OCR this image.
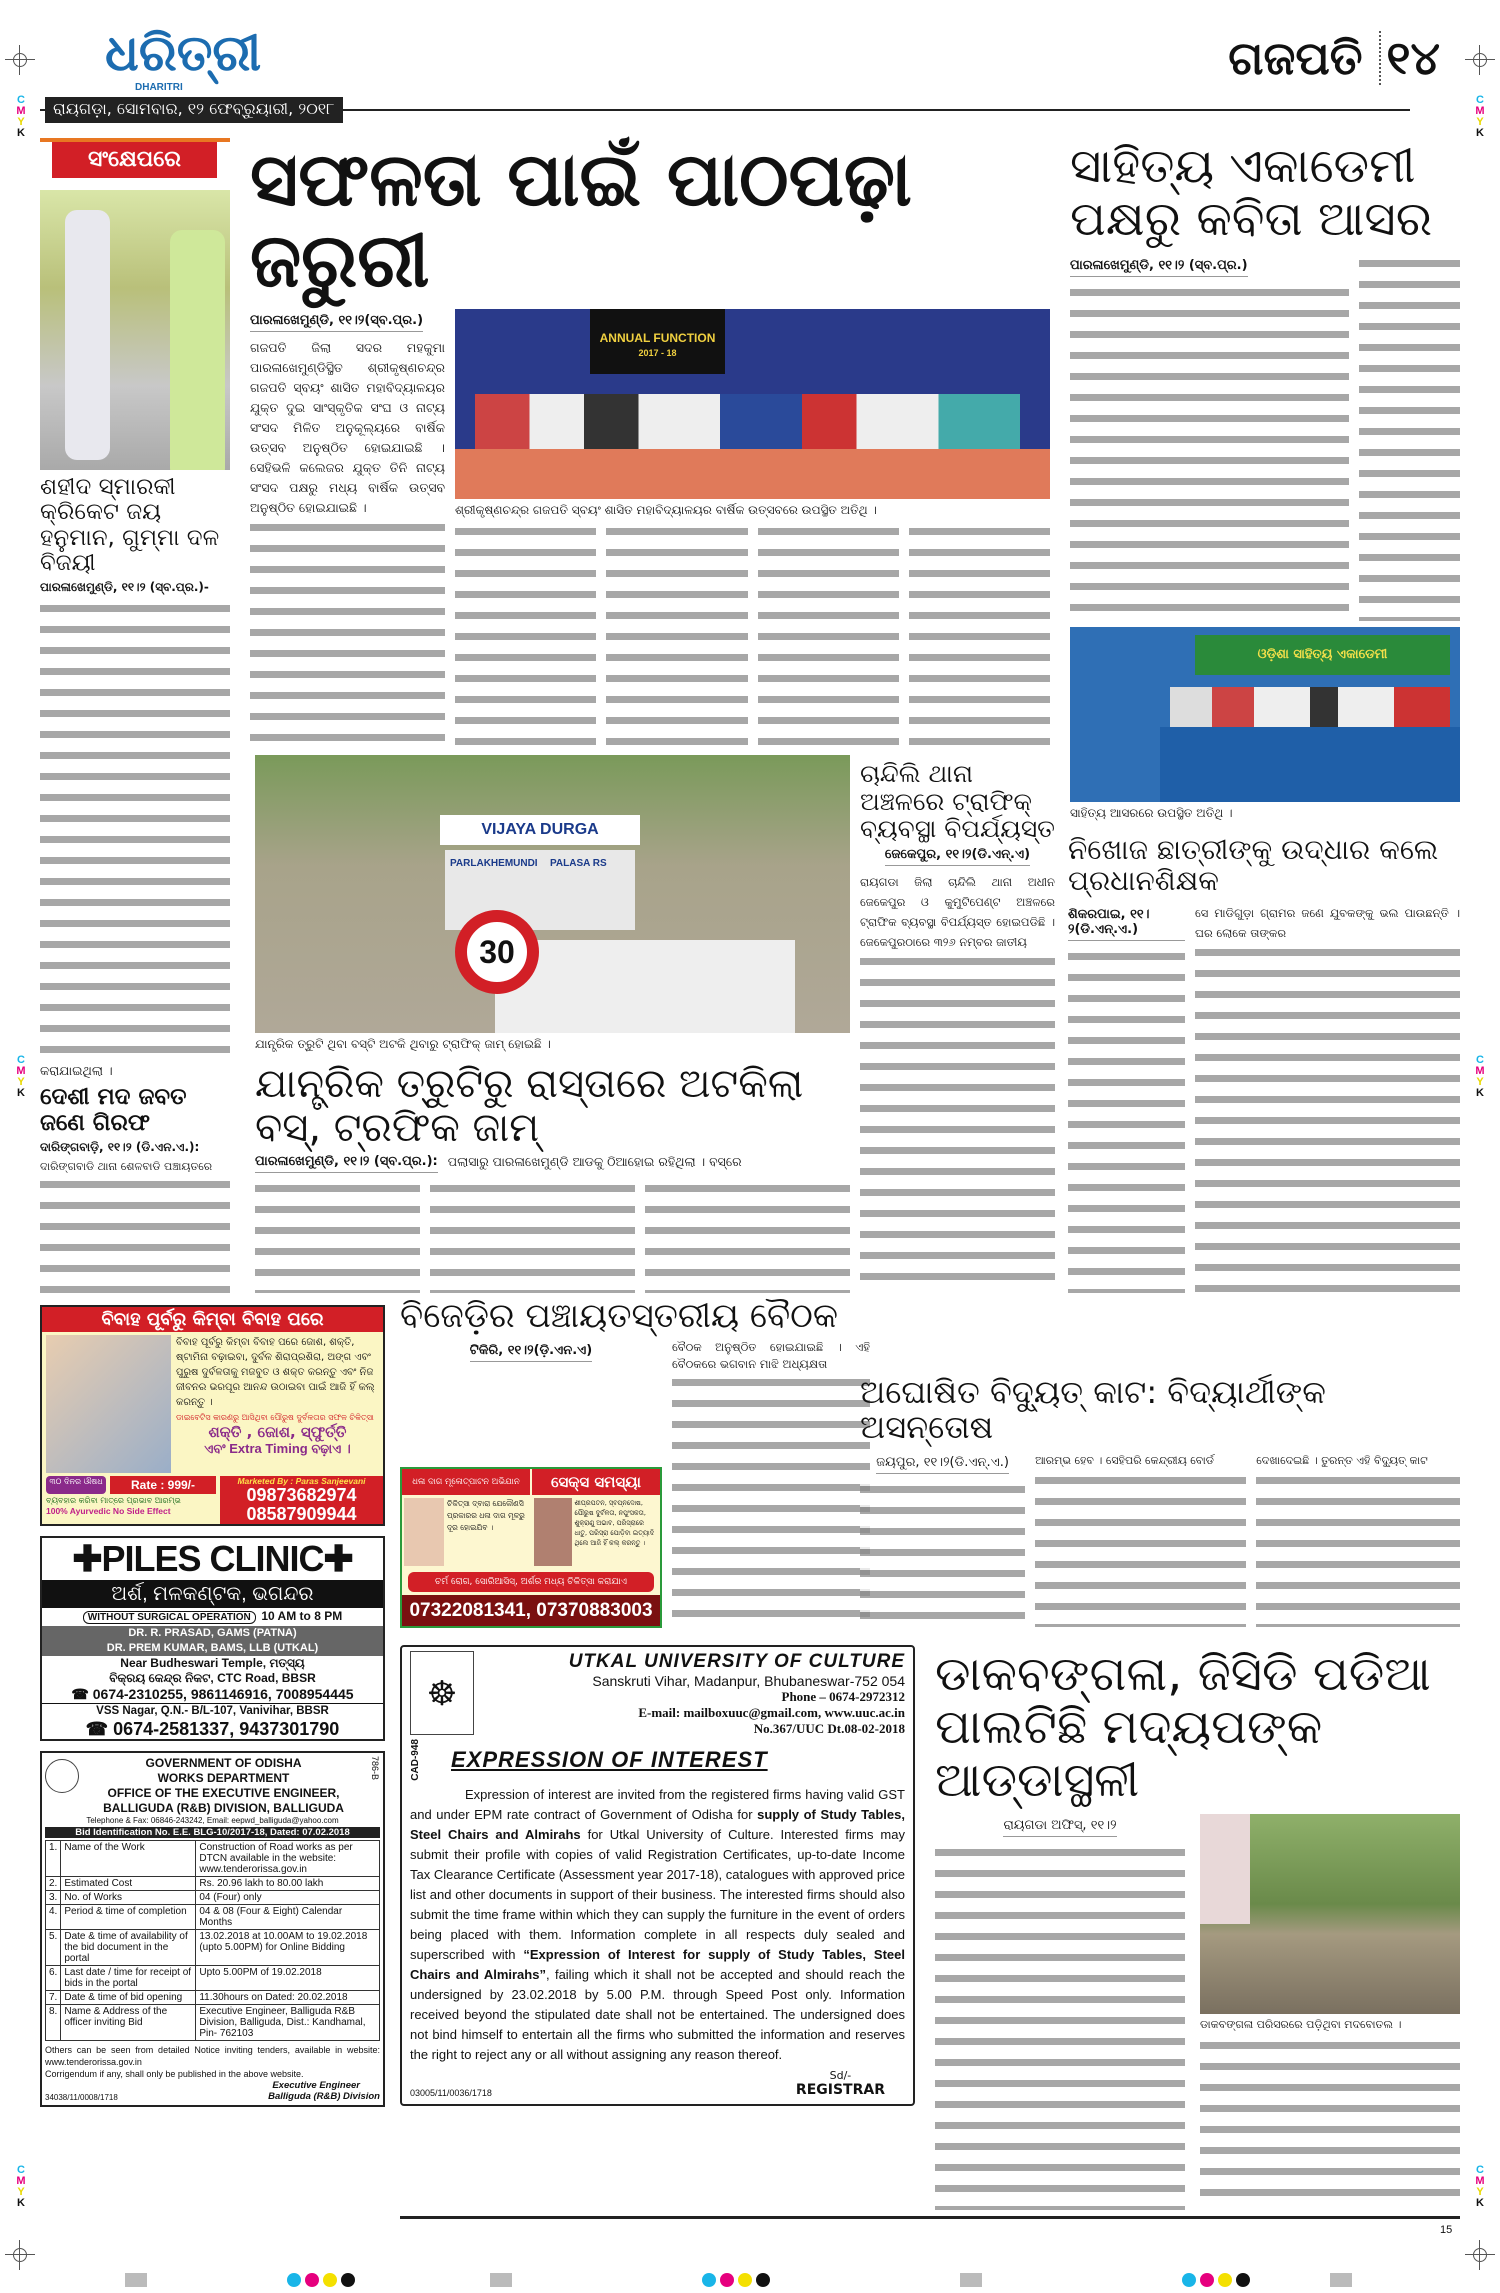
C
M
Y
K
C
M
Y
K
C
M
Y
K
C
M
Y
K
C
M
Y
K
C
M
Y
K
ଧରିତ୍ରୀ
DHARITRI
ରାୟଗଡ଼ା, ସୋମବାର, ୧୨ ଫେବ୍ରୁୟାରୀ, ୨୦୧୮
ଗଜପତି ୧୪
ସଂକ୍ଷେପରେ
ଶହୀଦ ସ୍ମାରକୀ କ୍ରିକେଟ ଜୟ ହନୁମାନ, ଗୁମ୍ମା ଦଳ ବିଜୟୀ
ପାରଳାଖେମୁଣ୍ଡି, ୧୧।୨ (ସ୍ବ.ପ୍ର.)-
କରାଯାଇଥିଲା ।
ଦେଶୀ ମଦ ଜବତ ଜଣେ ଗିରଫ
ଦାରିଙ୍ଗବାଡ଼ି, ୧୧।୨ (ଡି.ଏନ.ଏ.):
ଦାରିଙ୍ଗବାଡି ଥାନା ଶେଳବାଡି ପଞ୍ଚାୟତରେ
ସଫଳତା ପାଇଁ ପାଠପଢ଼ା ଜରୁରୀ
ପାରଳାଖେମୁଣ୍ଡି, ୧୧।୨(ସ୍ବ.ପ୍ର.)
ଗଜପତି ଜିଲା ସଦର ମହକୁମା ପାରଳାଖେମୁଣ୍ଡିସ୍ଥିତ ଶ୍ରୀକୃଷ୍ଣଚନ୍ଦ୍ର ଗଜପତି ସ୍ବୟଂ ଶାସିତ ମହାବିଦ୍ୟାଳୟର ଯୁକ୍ତ ଦୁଇ ସାଂସ୍କୃତିକ ସଂଘ ଓ ନାଟ୍ୟ ସଂସଦ ମିଳିତ ଅନୁକୂଲ୍ୟରେ ବାର୍ଷିକ ଉତ୍ସବ ଅନୁଷ୍ଠିତ ହୋଇଯାଇଛି । ସେହିଭଳି କଲେଜର ଯୁକ୍ତ ତିନି ନାଟ୍ୟ ସଂସଦ ପକ୍ଷରୁ ମଧ୍ୟ ବାର୍ଷିକ ଉତ୍ସବ ଅନୁଷ୍ଠିତ ହୋଇଯାଇଛି ।
ANNUAL FUNCTION
2017 - 18
ଶ୍ରୀକୃଷ୍ଣଚନ୍ଦ୍ର ଗଜପତି ସ୍ବୟଂ ଶାସିତ ମହାବିଦ୍ୟାଳୟର ବାର୍ଷିକ ଉତ୍ସବରେ ଉପସ୍ଥିତ ଅତିଥି ।
ସାହିତ୍ୟ ଏକାଡେମୀ ପକ୍ଷରୁ କବିତା ଆସର
ପାରଳାଖେମୁଣ୍ଡି, ୧୧।୨ (ସ୍ବ.ପ୍ର.)
ଓଡ଼ିଶା ସାହିତ୍ୟ ଏକାଡେମୀ
ସାହିତ୍ୟ ଆସରରେ ଉପସ୍ଥିତ ଅତିଥି ।
VIJAYA DURGA
PARLAKHEMUNDI PALASA RS
30
ଯାନ୍ତ୍ରିକ ତ୍ରୁଟି ଥିବା ବସ୍‌ଟି ଅଟକି ଥିବାରୁ ଟ୍ରାଫିକ୍ ଜାମ୍ ହୋଇଛି ।
ଯାନ୍ତ୍ରିକ ତ୍ରୁଟିରୁ ରାସ୍ତାରେ ଅଟକିଲା ବସ୍, ଟ୍ରଫିକ ଜାମ୍
ପାରଳାଖେମୁଣ୍ଡି, ୧୧।୨ (ସ୍ବ.ପ୍ର.): ପଲାସାରୁ ପାରଳାଖେମୁଣ୍ଡି ଆଡକୁ ଠିଆହୋଇ ରହିଥିଲା । ବସ୍‌ରେ
ଚାନ୍ଦିଲି ଥାନା ଅଞ୍ଚଳରେ ଟ୍ରାଫିକ୍ ବ୍ୟବସ୍ଥା ବିପର୍ଯ୍ୟସ୍ତ
ଜେକେପୁର, ୧୧।୨(ଡି.ଏନ୍.ଏ)
ରାୟଗଡା ଜିଲା ଚାନ୍ଦିଲି ଥାନା ଅଧୀନ ଜେକେପୁର ଓ କୁମୁଟିପେଣ୍ଟ ଅଞ୍ଚଳରେ ଟ୍ରାଫିକ ବ୍ୟବସ୍ଥା ବିପର୍ଯ୍ୟସ୍ତ ହୋଇପଡିଛି । ଜେକେପୁରଠାରେ ୩୨୬ ନମ୍ବର ଜାତୀୟ
ନିଖୋଜ ଛାତ୍ରୀଙ୍କୁ ଉଦ୍ଧାର କଲେ ପ୍ରଧାନଶିକ୍ଷକ
ଶିକରପାଇ, ୧୧।୨(ଡି.ଏନ୍.ଏ.)
ସେ ମାଡିଗୁଡ଼ା ଗ୍ରାମର ଜଣେ ଯୁବକଙ୍କୁ ଭଲ ପାଉଛନ୍ତି । ଘର ଲୋକେ ତାଙ୍କର
ବିଜେଡ଼ିର ପଞ୍ଚାୟତସ୍ତରୀୟ ବୈଠକ
ଟିକିରି, ୧୧।୨(ଡ଼ି.ଏନ.ଏ)
ଧଳା ଦାଗ ମୂଳୋତ୍ପାଟନ ଅଭିଯାନ	ସେକ୍ସ ସମସ୍ୟା
ଚିକିତ୍ସା ଦ୍ବାରା ଯେକୌଣସି ପ୍ରକାରର ଧଳା ଦାଗ ମୂଳରୁ ଦୂର ହୋଇଯିବ ।
ଶୀଘ୍ରପତନ, ସ୍ବପ୍ନଦୋଷ, ପୌରୁଷ ଦୁର୍ବଳତା, ନପୁଂସକତା, ଶୁକ୍ରାଣୁ ଅଭାବ, ପରିସ୍ରାରେ ଧାତୁ, ପରିସ୍ରା ପୋଡ଼ିବା ଇତ୍ୟାଦି ଥିଲେ ଆଜି ହିଁ କଲ୍ କରନ୍ତୁ ।
ଚର୍ମ ରୋଗ, ସୋରିଆସିସ୍, ଅର୍ଶର ମଧ୍ୟ ଚିକିତ୍ସା କରାଯାଏ
07322081341, 07370883003
ବୈଠକ ଅନୁଷ୍ଠିତ ହୋଇଯାଇଛି । ଏହି ବୈଠକରେ ଭଗବାନ ମାଝି ଅଧ୍ୟକ୍ଷତା
ଅଘୋଷିତ ବିଦ୍ୟୁତ୍ କାଟ: ବିଦ୍ୟାର୍ଥୀଙ୍କ ଅସନ୍ତୋଷ
ଜୟପୁର, ୧୧।୨(ଡି.ଏନ୍.ଏ.) ଆରମ୍ଭ ହେବ । ସେହିପରି କେନ୍ଦ୍ରୀୟ ବୋର୍ଡ	ଦେଖାଦେଇଛି । ତୁରନ୍ତ ଏହି ବିଦ୍ୟୁତ୍ କାଟ
ବିବାହ ପୂର୍ବରୁ କିମ୍ବା ବିବାହ ପରେ
ବିବାହ ପୂର୍ବରୁ କିମ୍ବା ବିବାହ ପରେ ଜୋଶ, ଶକ୍ତି, ଷ୍ଟାମିନା ବଢ଼ାଇବା, ଦୁର୍ବଳ ଶିରାପ୍ରଶିରା, ଅଙ୍ଗ ଏବଂ ପୁରୁଷ ଦୁର୍ବଳତାକୁ ମଜବୁତ ଓ ଶକ୍ତ କରନ୍ତୁ ଏବଂ ନିଜ ଜୀବନର ଭରପୂର ଆନନ୍ଦ ଉଠାଇବା ପାଇଁ ଆଜି ହିଁ କଲ୍ କରନ୍ତୁ ।
ଡାଇବେଟିସ କାରଣରୁ ଆସିଥିବା ପୌରୁଷ ଦୁର୍ବଳତାର ସଫଳ ଚିକିତ୍ସା
ଶକ୍ତି , ଜୋଶ, ସ୍ଫୁର୍ତ୍ତି
ଏବଂ Extra Timing ବଢ଼ାଏ ।
୩୦ ଦିନର ଔଷଧ	Rate : 999/-
ବ୍ୟବହାର କରିବା ମାତ୍ରେ ପ୍ରଭାବ ଆରମ୍ଭ
100% Ayurvedic No Side Effect
Marketed By : Paras Sanjeevani
09873682974
08587909944
✚PILES CLINIC✚
ଅର୍ଶ, ମଳକଣ୍ଟକ, ଭଗନ୍ଦର
WITHOUT SURGICAL OPERATION 10 AM to 8 PM
DR. R. PRASAD, GAMS (PATNA)
DR. PREM KUMAR, BAMS, LLB (UTKAL)
Near Budheswari Temple, ମତ୍ସ୍ୟ
ବିକ୍ରୟ କେନ୍ଦ୍ର ନିକଟ, CTC Road, BBSR
☎ 0674-2310255, 9861146916, 7008954445
VSS Nagar, Q.N.- B/L-107, Vanivihar, BBSR
☎ 0674-2581337, 9437301790
GOVERNMENT OF ODISHA
WORKS DEPARTMENT
OFFICE OF THE EXECUTIVE ENGINEER,
BALLIGUDA (R&B) DIVISION, BALLIGUDA
786-B
Telephone & Fax: 06846-243242, Email: eepwd_balliguda@yahoo.com
Bid Identification No. E.E. BLG-10/2017-18, Dated: 07.02.2018
1.	Name of the Work	Construction of Road works as per DTCN available in the website: www.tenderorissa.gov.in
2.	Estimated Cost	Rs. 20.96 lakh to 80.00 lakh
3.	No. of Works	04 (Four) only
4.	Period & time of completion	04 & 08 (Four & Eight) Calendar Months
5.	Date & time of availability of the bid document in the portal	13.02.2018 at 10.00AM to 19.02.2018 (upto 5.00PM) for Online Bidding
6.	Last date / time for receipt of bids in the portal	Upto 5.00PM of 19.02.2018
7.	Date & time of bid opening	11.30hours on Dated: 20.02.2018
8.	Name & Address of the officer inviting Bid	Executive Engineer, Balliguda R&B Division, Balliguda, Dist.: Kandhamal, Pin- 762103
Others can be seen from detailed Notice inviting tenders, available in website: www.tenderorissa.gov.in
Corrigendum if any, shall only be published in the above website.
Executive Engineer
34038/11/0008/1718	Balliguda (R&B) Division
☸
UTKAL UNIVERSITY OF CULTURE
Sanskruti Vihar, Madanpur, Bhubaneswar-752 054
Phone – 0674-2972312
E-mail: mailboxuuc@gmail.com, www.uuc.ac.in
No.367/UUC Dt.08-02-2018
CAD-948 EXPRESSION OF INTEREST
Expression of interest are invited from the registered firms having valid GST and under EPM rate contract of Government of Odisha for supply of Study Tables, Steel Chairs and Almirahs for Utkal University of Culture. Interested firms may submit their profile with copies of valid Registration Certificates, up-to-date Income Tax Clearance Certificate (Assessment year 2017-18), catalogues with approved price list and other documents in support of their business. The interested firms should also submit the time frame within which they can supply the furniture in the event of orders being placed with them. Information complete in all respects duly sealed and superscribed with “Expression of Interest for supply of Study Tables, Steel Chairs and Almirahs”, failing which it shall not be accepted and should reach the undersigned by 23.02.2018 by 5.00 P.M. through Speed Post only. Information received beyond the stipulated date shall not be entertained. The undersigned does not bind himself to entertain all the firms who submitted the information and reserves the right to reject any or all without assigning any reason thereof.
03005/11/0036/1718
Sd/-
REGISTRAR
ଡାକବଙ୍ଗଳା, ଜିସିଡି ପଡିଆ ପାଲଟିଛି ମଦ୍ୟପଙ୍କ ଆଡ୍ଡାସ୍ଥଳୀ
ରାୟଗଡା ଅଫିସ୍, ୧୧।୨
ଡାକବଙ୍ଗଳା ପରିସରରେ ପଡ଼ିଥିବା ମଦବୋତଲ ।
15
